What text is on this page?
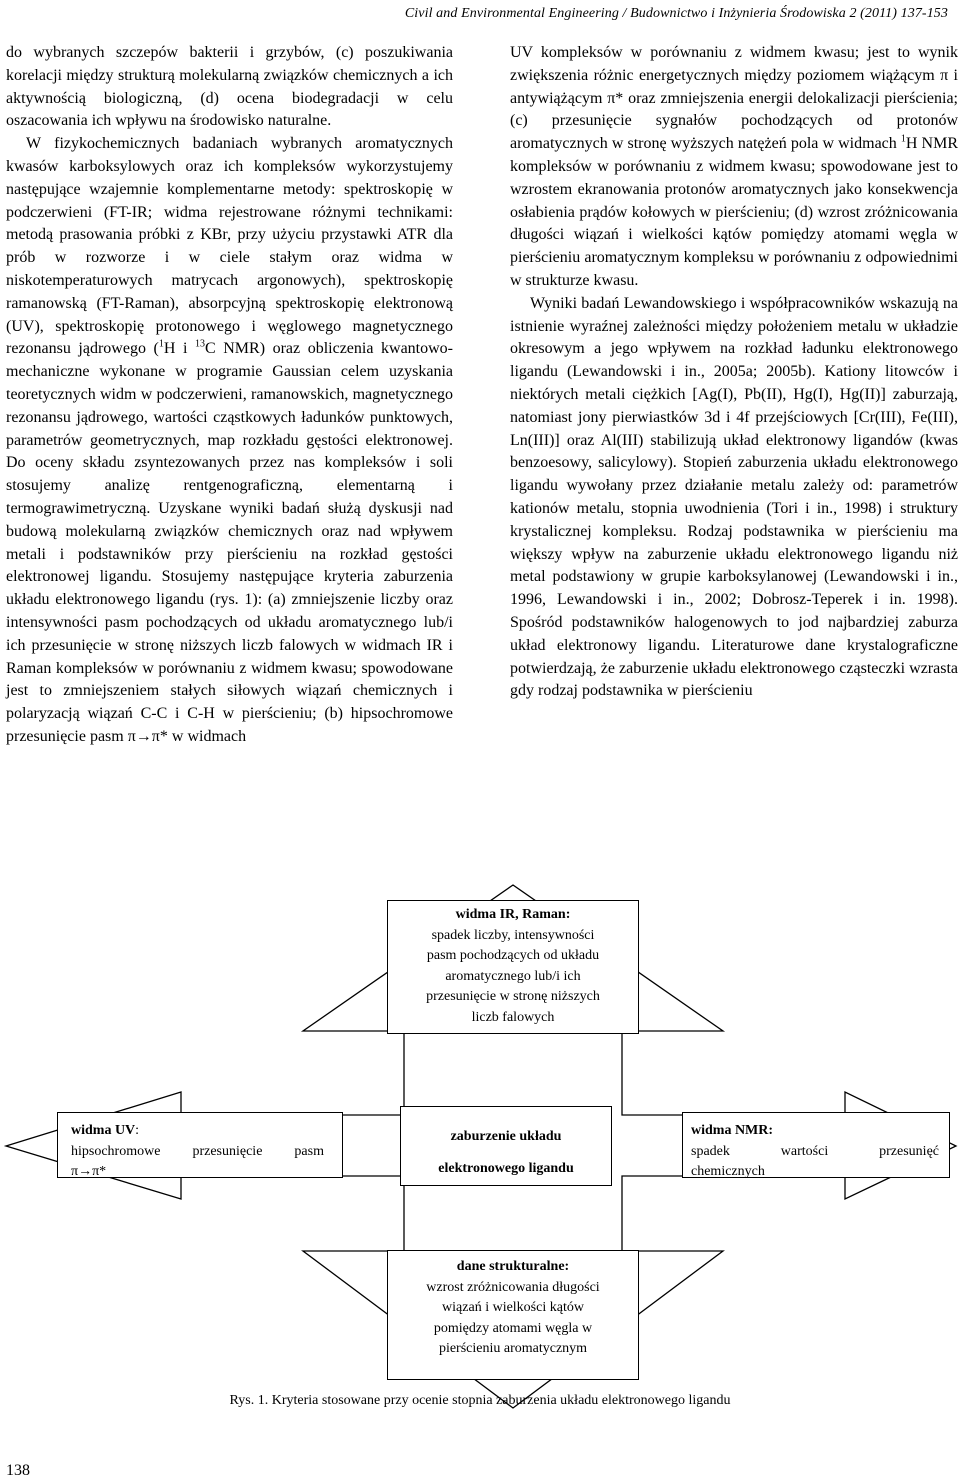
Civil and Environmental Engineering / Budownictwo i Inżynieria Środowiska 2 (2011) 137-153

do wybranych szczepów bakterii i grzybów, (c) poszukiwania korelacji między strukturą molekularną związków chemicznych a ich aktywnością biologiczną, (d) ocena biodegradacji w celu oszacowania ich wpływu na środowisko naturalne.

W fizykochemicznych badaniach wybranych aromatycznych kwasów karboksylowych oraz ich kompleksów wykorzystujemy następujące wzajemnie komplementarne metody: spektroskopię w podczerwieni (FT-IR; widma rejestrowane różnymi technikami: metodą prasowania próbki z KBr, przy użyciu przystawki ATR dla prób w rozworze i w ciele stałym oraz widma w niskotemperaturowych matrycach argonowych), spektroskopię ramanowską (FT-Raman), absorpcyjną spektroskopię elektronową (UV), spektroskopię protonowego i węglowego magnetycznego rezonansu jądrowego ($^1$H i $^{13}$C NMR) oraz obliczenia kwantowo-mechaniczne wykonane w programie Gaussian celem uzyskania teoretycznych widm w podczerwieni, ramanowskich, magnetycznego rezonansu jądrowego, wartości cząstkowych ładunków punktowych, parametrów geometrycznych, map rozkładu gęstości elektronowej. Do oceny składu zsyntezowanych przez nas kompleksów i soli stosujemy analizę rentgenograficzną, elementarną i termograwimetryczną. Uzyskane wyniki badań służą dyskusji nad budową molekularną związków chemicznych oraz nad wpływem metali i podstawników przy pierścieniu na rozkład gęstości elektronowej ligandu. Stosujemy następujące kryteria zaburzenia układu elektronowego ligandu (rys. 1): (a) zmniejszenie liczby oraz intensywności pasm pochodzących od układu aromatycznego lub/i ich przesunięcie w stronę niższych liczb falowych w widmach IR i Raman kompleksów w porównaniu z widmem kwasu; spowodowane jest to zmniejszeniem stałych siłowych wiązań chemicznych i polaryzacją wiązań C-C i C-H w pierścieniu; (b) hipsochromowe przesunięcie pasm π→π* w widmach

UV kompleksów w porównaniu z widmem kwasu; jest to wynik zwiększenia różnic energetycznych między poziomem wiążącym π i antywiążącym π* oraz zmniejszenia energii delokalizacji pierścienia; (c) przesunięcie sygnałów pochodzących od protonów aromatycznych w stronę wyższych natężeń pola w widmach $^1$H NMR kompleksów w porównaniu z widmem kwasu; spowodowane jest to wzrostem ekranowania protonów aromatycznych jako konsekwencja osłabienia prądów kołowych w pierścieniu; (d) wzrost zróżnicowania długości wiązań i wielkości kątów pomiędzy atomami węgla w pierścieniu aromatycznym kompleksu w porównaniu z odpowiednimi w strukturze kwasu.

Wyniki badań Lewandowskiego i współpracowników wskazują na istnienie wyraźnej zależności między położeniem metalu w układzie okresowym a jego wpływem na rozkład ładunku elektronowego ligandu (Lewandowski i in., 2005a; 2005b). Kationy litowców i niektórych metali ciężkich [Ag(I), Pb(II), Hg(I), Hg(II)] zaburzają, natomiast jony pierwiastków 3d i 4f przejściowych [Cr(III), Fe(III), Ln(III)] oraz Al(III) stabilizują układ elektronowy ligandów (kwas benzoesowy, salicylowy). Stopień zaburzenia układu elektronowego ligandu wywołany przez działanie metalu zależy od: parametrów kationów metalu, stopnia uwodnienia (Tori i in., 1998) i struktury krystalicznej kompleksu. Rodzaj podstawnika w pierścieniu ma większy wpływ na zaburzenie układu elektronowego ligandu niż metal podstawiony w grupie karboksylanowej (Lewandowski i in., 1996, Lewandowski i in., 2002; Dobrosz-Teperek i in. 1998). Spośród podstawników halogenowych to jod najbardziej zaburza układ elektronowy ligandu. Literaturowe dane krystalograficzne potwierdzają, że zaburzenie układu elektronowego cząsteczki wzrasta gdy rodzaj podstawnika w pierścieniu

widma IR, Raman:
spadek liczby, intensywności
pasm pochodzących od układu
aromatycznego lub/i ich
przesunięcie w stronę niższych
liczb falowych
widma UV:
hipsochromowe przesunięcie pasm
π→π*
zaburzenie układu
elektronowego ligandu
widma NMR:
spadek	wartości	przesunięć
chemicznych
dane strukturalne:
wzrost zróżnicowania długości
wiązań i wielkości kątów
pomiędzy atomami węgla w
pierścieniu aromatycznym
Rys. 1. Kryteria stosowane przy ocenie stopnia zaburzenia układu elektronowego ligandu
138
